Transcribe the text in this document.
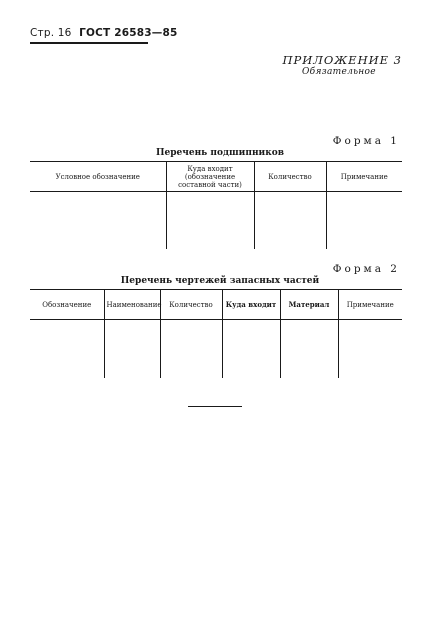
Стр. 16 ГОСТ 26583—85
ПРИЛОЖЕНИЕ 3
Обязательное
Форма 1
Перечень подшипников
Условное обозначение	Куда входит (обозначение составной части)	Количество	Примечание

Форма 2
Перечень чертежей запасных частей
Обозначение	Наименование	Количество	Куда входит	Материал	Примечание
